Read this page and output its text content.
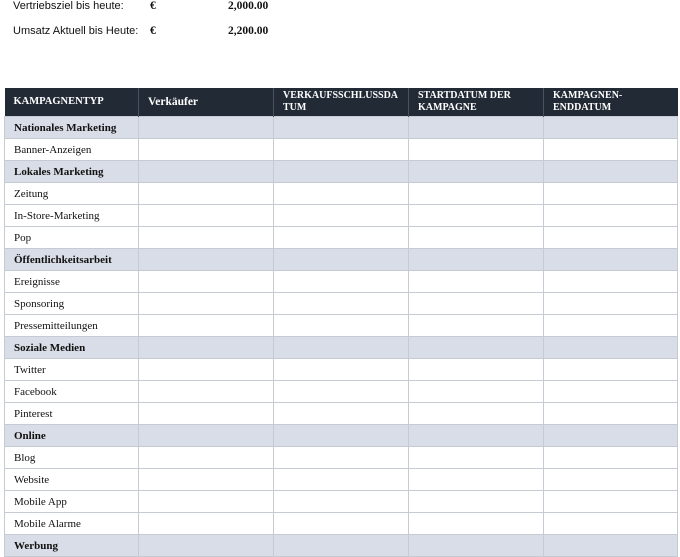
Vertriebsziel bis heute: €	2,000.00
Umsatz Aktuell bis Heute: €	2,200.00
KAMPAGNENTYP	Verkäufer	VERKAUFSSCHLUSSDA TUM	STARTDATUM DER KAMPAGNE	KAMPAGNEN-ENDDATUM
Nationales Marketing				
Banner-Anzeigen				
Lokales Marketing				
Zeitung				
In-Store-Marketing				
Pop				
Öffentlichkeitsarbeit				
Ereignisse				
Sponsoring				
Pressemitteilungen				
Soziale Medien				
Twitter				
Facebook				
Pinterest				
Online				
Blog				
Website				
Mobile App				
Mobile Alarme				
Werbung				
